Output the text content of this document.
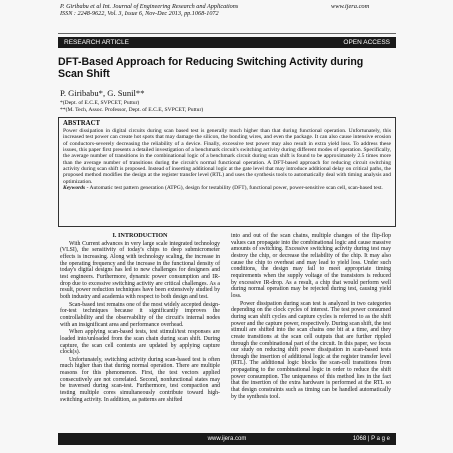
P. Giribabu et al Int. Journal of Engineering Research and Applications
ISSN : 2248-9622, Vol. 3, Issue 6, Nov-Dec 2013, pp.1068-1072
www.ijera.com
RESEARCH ARTICLE	OPEN ACCESS
DFT-Based Approach for Reducing Switching Activity during Scan Shift
P. Giribabu*, G. Sunil**
*(Dept. of E.C.E, SVPCET, Puttur)
**(M. Tech, Assoc. Professor, Dept. of E.C.E, SVPCET, Puttur)
ABSTRACT
Power dissipation in digital circuits during scan based test is generally much higher than that during functional operation. Unfortunately, this increased test power can create hot spots that may damage the silicon, the bonding wires, and even the package. It can also cause intensive erosion of conductors-severely decreasing the reliability of a device. Finally, excessive test power may also result in extra yield loss. To address these issues, this paper first presents a detailed investigation of a benchmark circuit's switching activity during different modes of operation. Specifically, the average number of transitions in the combinational logic of a benchmark circuit during scan shift is found to be approximately 2.5 times more than the average number of transitions during the circuit's normal functional operation. A DFT-based approach for reducing circuit switching activity during scan shift is proposed. Instead of inserting additional logic at the gate level that may introduce additional delay on critical paths, the proposed method modifies the design at the register transfer level (RTL) and uses the synthesis tools to automatically deal with timing analysis and optimization.
Keywords - Automatic test pattern generation (ATPG), design for testability (DFT), functional power, power-sensitive scan cell, scan-based test.
I. INTRODUCTION

With Current advances in very large scale integrated technology (VLSI), the sensitivity of today's chips to deep submicrometer effects is increasing. Along with technology scaling, the increase in the operating frequency and the increase in the functional density of today's digital designs has led to new challenges for designers and test engineers. Furthermore, dynamic power consumption and IR-drop due to excessive switching activity are critical challenges. As a result, power reduction techniques have been extensively studied by both industry and academia with respect to both design and test.

Scan-based test remains one of the most widely accepted design-for-test techniques because it significantly improves the controllability and the observability of the circuit's internal nodes with an insignificant area and performance overhead.

When applying scan-based tests, test stimuli/test responses are loaded into/unloaded from the scan chain during scan shift. During capture, the scan cell contents are updated by applying capture clock(s).

Unfortunately, switching activity during scan-based test is often much higher than that during normal operation. There are multiple reasons for this phenomenon. First, the test vectors applied consecutively are not correlated. Second, nonfunctional states may be traversed during scan-test. Furthermore, test compaction and testing multiple cores simultaneously contribute toward high-switching activity. In addition, as patterns are shifted

into and out of the scan chains, multiple changes of the flip-flop values can propagate into the combinational logic and cause massive amounts of switching. Excessive switching activity during test may destroy the chip, or decrease the reliability of the chip. It may also cause the chip to overheat and may lead to yield loss. Under such conditions, the design may fail to meet appropriate timing requirements when the supply voltage of the transistors is reduced by excessive IR-drop. As a result, a chip that would perform well during normal operation may be rejected during test, causing yield loss.

Power dissipation during scan test is analyzed in two categories depending on the clock cycles of interest. The test power consumed during scan shift cycles and capture cycles is referred to as the shift power and the capture power, respectively. During scan shift, the test stimuli are shifted into the scan chains one bit at a time, and they create transitions at the scan cell outputs that are further rippled through the combinational part of the circuit. In this paper, we focus our study on reducing shift power dissipation in scan-based tests through the insertion of additional logic at the register transfer level (RTL). The additional logic blocks the scan-cell transitions from propagating to the combinational logic in order to reduce the shift power consumption. The uniqueness of this method lies in the fact that the insertion of the extra hardware is performed at the RTL so that design constraints such as timing can be handled automatically by the synthesis tool.

www.ijera.com	1068 | P a g e
